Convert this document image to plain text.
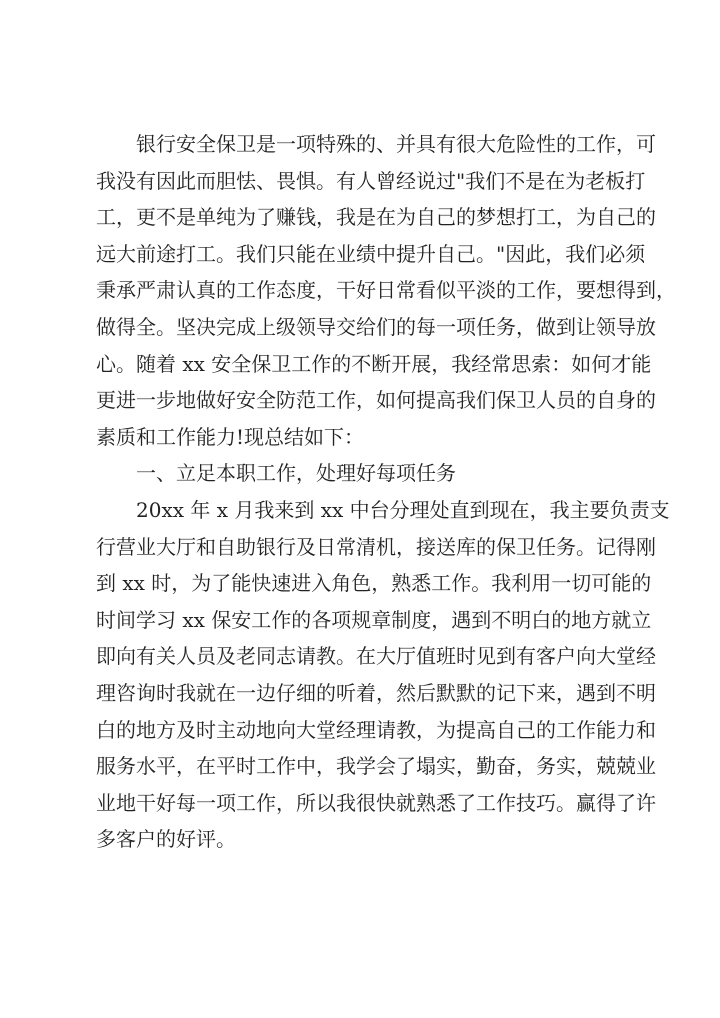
银行安全保卫是一项特殊的、并具有很大危险性的工作，可
我没有因此而胆怯、畏惧。有人曾经说过"我们不是在为老板打
工，更不是单纯为了赚钱，我是在为自己的梦想打工，为自己的
远大前途打工。我们只能在业绩中提升自己。"因此，我们必须
秉承严肃认真的工作态度，干好日常看似平淡的工作，要想得到，
做得全。坚决完成上级领导交给们的每一项任务，做到让领导放
心。随着 xx 安全保卫工作的不断开展，我经常思索：如何才能
更进一步地做好安全防范工作，如何提高我们保卫人员的自身的
素质和工作能力!现总结如下：
一、立足本职工作，处理好每项任务
20xx 年 x 月我来到 xx 中台分理处直到现在，我主要负责支
行营业大厅和自助银行及日常清机，接送库的保卫任务。记得刚
到 xx 时，为了能快速进入角色，熟悉工作。我利用一切可能的
时间学习 xx 保安工作的各项规章制度，遇到不明白的地方就立
即向有关人员及老同志请教。在大厅值班时见到有客户向大堂经
理咨询时我就在一边仔细的听着，然后默默的记下来，遇到不明
白的地方及时主动地向大堂经理请教，为提高自己的工作能力和
服务水平，在平时工作中，我学会了塌实，勤奋，务实，兢兢业
业地干好每一项工作，所以我很快就熟悉了工作技巧。赢得了许
多客户的好评。
